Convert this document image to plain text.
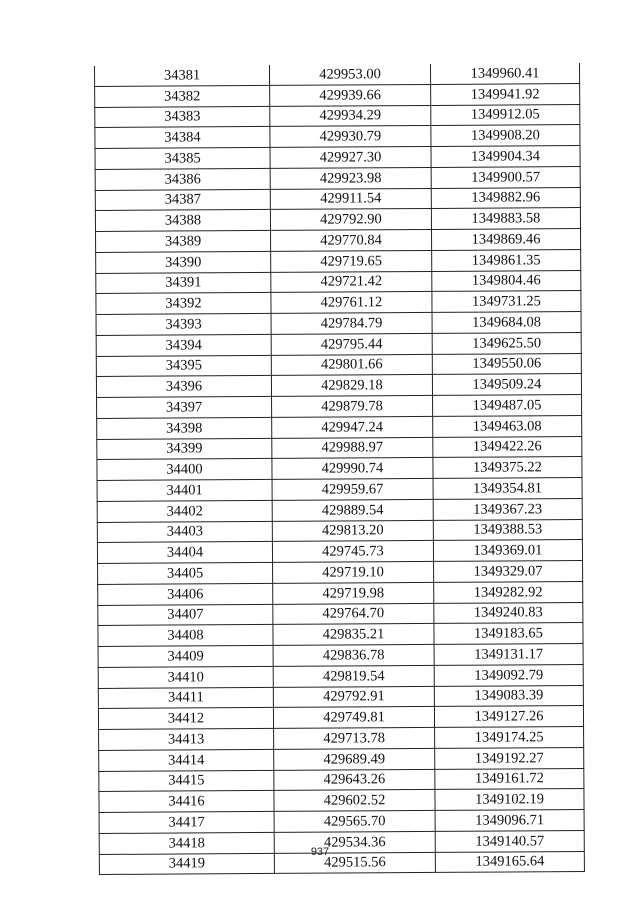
34381	429953.00	1349960.41
34382	429939.66	1349941.92
34383	429934.29	1349912.05
34384	429930.79	1349908.20
34385	429927.30	1349904.34
34386	429923.98	1349900.57
34387	429911.54	1349882.96
34388	429792.90	1349883.58
34389	429770.84	1349869.46
34390	429719.65	1349861.35
34391	429721.42	1349804.46
34392	429761.12	1349731.25
34393	429784.79	1349684.08
34394	429795.44	1349625.50
34395	429801.66	1349550.06
34396	429829.18	1349509.24
34397	429879.78	1349487.05
34398	429947.24	1349463.08
34399	429988.97	1349422.26
34400	429990.74	1349375.22
34401	429959.67	1349354.81
34402	429889.54	1349367.23
34403	429813.20	1349388.53
34404	429745.73	1349369.01
34405	429719.10	1349329.07
34406	429719.98	1349282.92
34407	429764.70	1349240.83
34408	429835.21	1349183.65
34409	429836.78	1349131.17
34410	429819.54	1349092.79
34411	429792.91	1349083.39
34412	429749.81	1349127.26
34413	429713.78	1349174.25
34414	429689.49	1349192.27
34415	429643.26	1349161.72
34416	429602.52	1349102.19
34417	429565.70	1349096.71
34418	429534.36	1349140.57
34419	429515.56	1349165.64
937
